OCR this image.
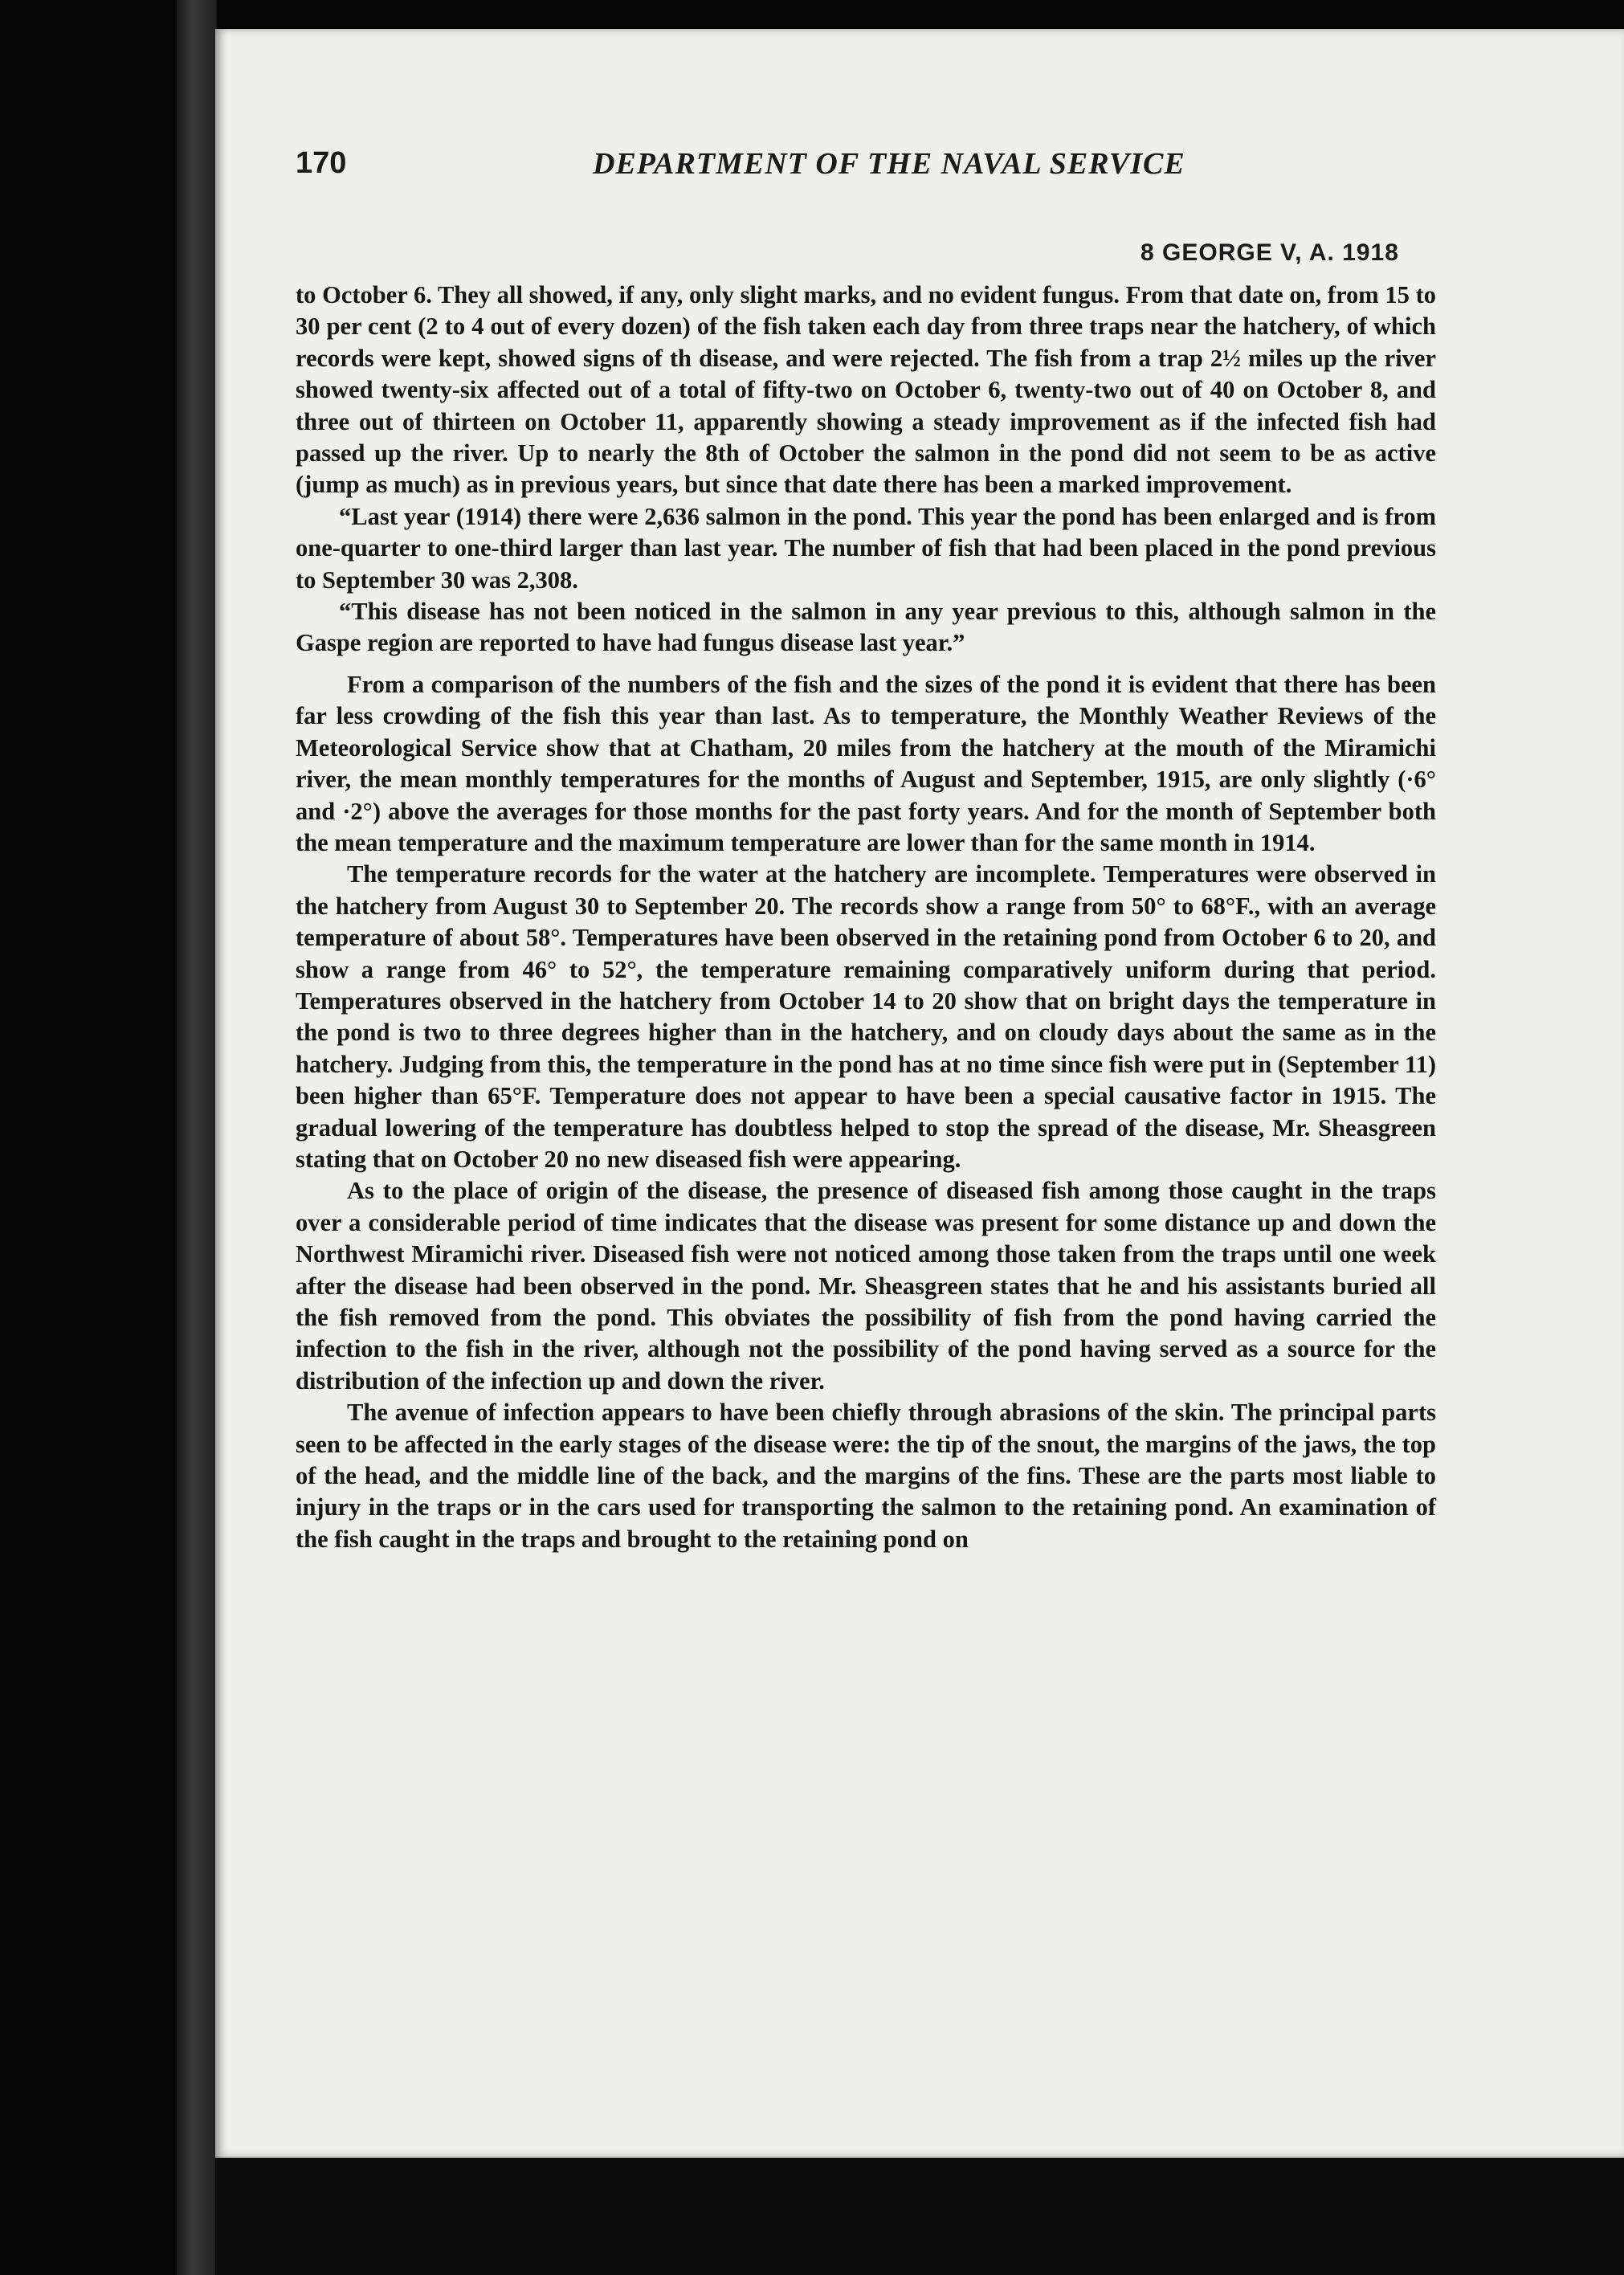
170	DEPARTMENT OF THE NAVAL SERVICE
8 GEORGE V, A. 1918

to October 6. They all showed, if any, only slight marks, and no evident fungus. From that date on, from 15 to 30 per cent (2 to 4 out of every dozen) of the fish taken each day from three traps near the hatchery, of which records were kept, showed signs of th disease, and were rejected. The fish from a trap 2½ miles up the river showed twenty-six affected out of a total of fifty-two on October 6, twenty-two out of 40 on October 8, and three out of thirteen on October 11, apparently showing a steady improvement as if the infected fish had passed up the river. Up to nearly the 8th of October the salmon in the pond did not seem to be as active (jump as much) as in previous years, but since that date there has been a marked improvement.

“Last year (1914) there were 2,636 salmon in the pond. This year the pond has been enlarged and is from one-quarter to one-third larger than last year. The number of fish that had been placed in the pond previous to September 30 was 2,308.

“This disease has not been noticed in the salmon in any year previous to this, although salmon in the Gaspe region are reported to have had fungus disease last year.”

From a comparison of the numbers of the fish and the sizes of the pond it is evident that there has been far less crowding of the fish this year than last. As to temperature, the Monthly Weather Reviews of the Meteorological Service show that at Chatham, 20 miles from the hatchery at the mouth of the Miramichi river, the mean monthly temperatures for the months of August and September, 1915, are only slightly (·6° and ·2°) above the averages for those months for the past forty years. And for the month of September both the mean temperature and the maximum temperature are lower than for the same month in 1914.

The temperature records for the water at the hatchery are incomplete. Temperatures were observed in the hatchery from August 30 to September 20. The records show a range from 50° to 68°F., with an average temperature of about 58°. Temperatures have been observed in the retaining pond from October 6 to 20, and show a range from 46° to 52°, the temperature remaining comparatively uniform during that period. Temperatures observed in the hatchery from October 14 to 20 show that on bright days the temperature in the pond is two to three degrees higher than in the hatchery, and on cloudy days about the same as in the hatchery. Judging from this, the temperature in the pond has at no time since fish were put in (September 11) been higher than 65°F. Temperature does not appear to have been a special causative factor in 1915. The gradual lowering of the temperature has doubtless helped to stop the spread of the disease, Mr. Sheasgreen stating that on October 20 no new diseased fish were appearing.

As to the place of origin of the disease, the presence of diseased fish among those caught in the traps over a considerable period of time indicates that the disease was present for some distance up and down the Northwest Miramichi river. Diseased fish were not noticed among those taken from the traps until one week after the disease had been observed in the pond. Mr. Sheasgreen states that he and his assistants buried all the fish removed from the pond. This obviates the possibility of fish from the pond having carried the infection to the fish in the river, although not the possibility of the pond having served as a source for the distribution of the infection up and down the river.

The avenue of infection appears to have been chiefly through abrasions of the skin. The principal parts seen to be affected in the early stages of the disease were: the tip of the snout, the margins of the jaws, the top of the head, and the middle line of the back, and the margins of the fins. These are the parts most liable to injury in the traps or in the cars used for transporting the salmon to the retaining pond. An examination of the fish caught in the traps and brought to the retaining pond on
